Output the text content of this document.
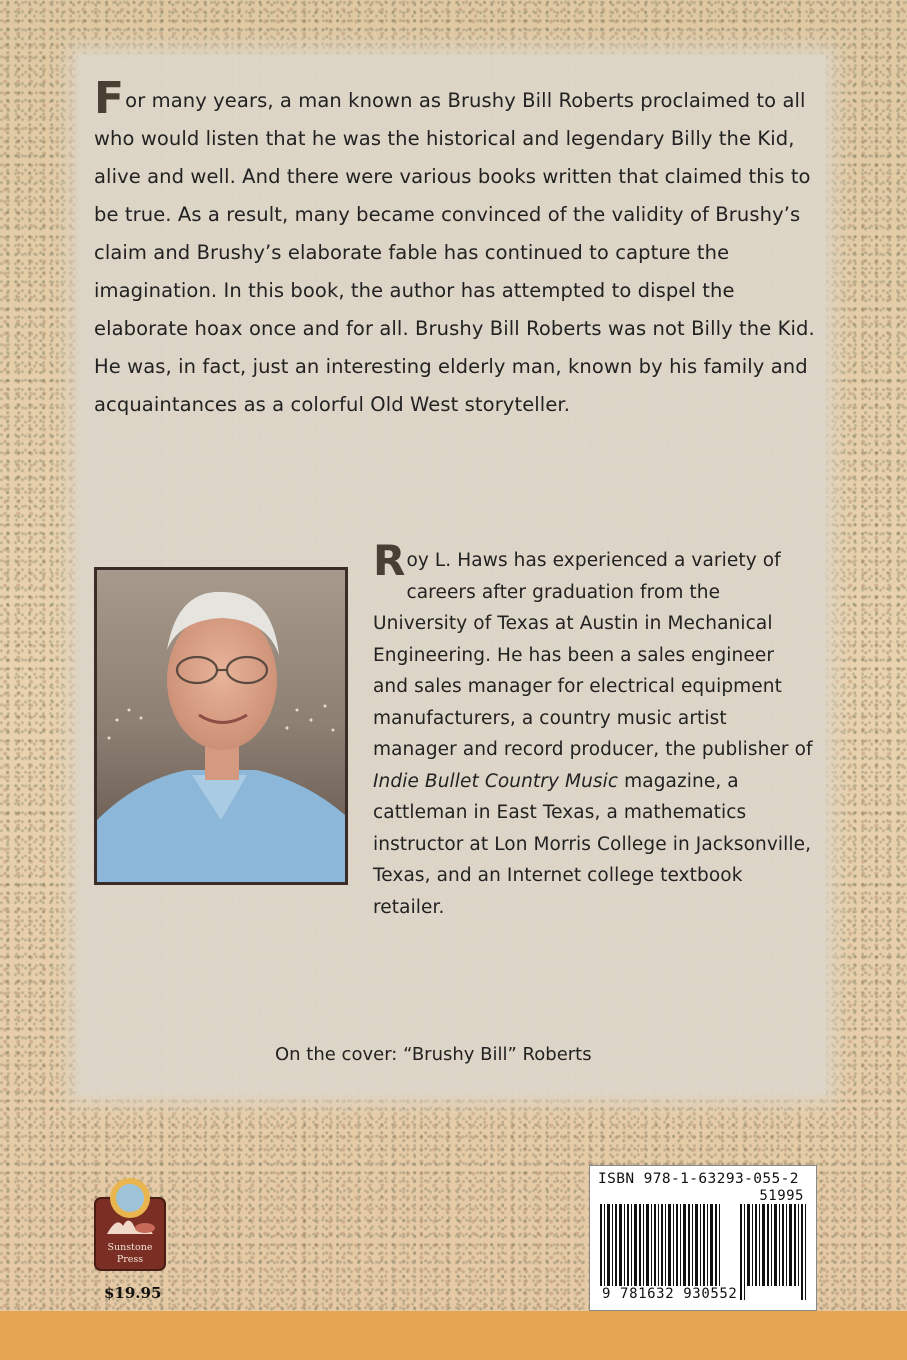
For many years, a man known as Brushy Bill Roberts proclaimed to all who would listen that he was the historical and legendary Billy the Kid, alive and well. And there were various books written that claimed this to be true. As a result, many became convinced of the validity of Brushy’s claim and Brushy’s elaborate fable has continued to capture the imagination. In this book, the author has attempted to dispel the elaborate hoax once and for all. Brushy Bill Roberts was not Billy the Kid. He was, in fact, just an interesting elderly man, known by his family and acquaintances as a colorful Old West storyteller.
Roy L. Haws has experienced a variety of careers after graduation from the University of Texas at Austin in Mechanical Engineering. He has been a sales engineer and sales manager for electrical equipment manufacturers, a country music artist manager and record producer, the publisher of Indie Bullet Country Music magazine, a cattleman in East Texas, a mathematics instructor at Lon Morris College in Jacksonville, Texas, and an Internet college textbook retailer.
On the cover: “Brushy Bill” Roberts
Sunstone
Press
$19.95
ISBN 978-1-63293-055-2
51995
9 781632 930552
